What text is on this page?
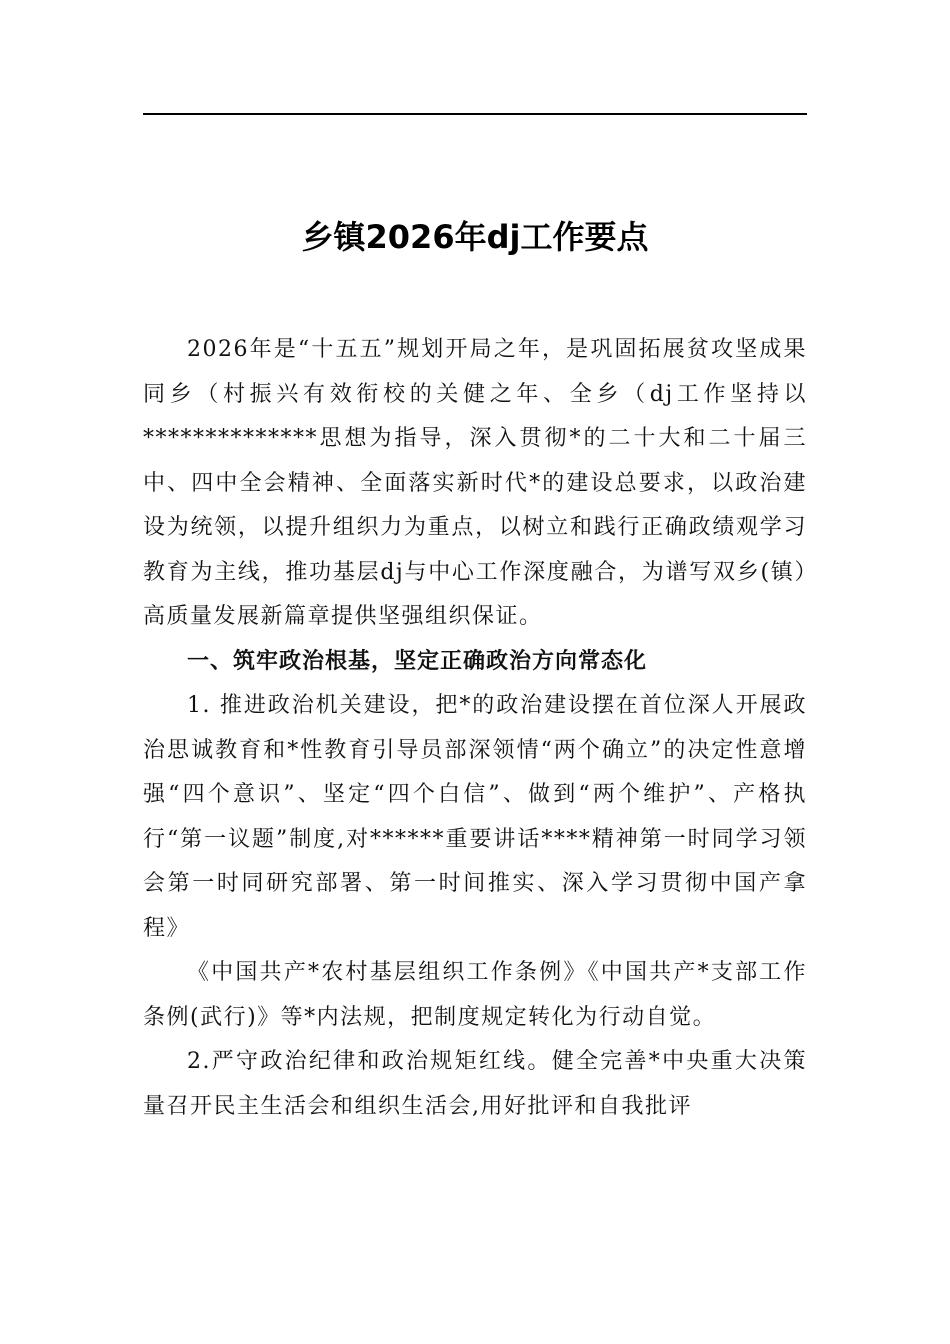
乡镇2026年dj工作要点

2026年是“十五五”规划开局之年，是巩固拓展贫攻坚成果同乡（村振兴有效衔校的关健之年、全乡（dj工作坚持以**************思想为指导，深入贯彻*的二十大和二十届三中、四中全会精神、全面落实新时代*的建设总要求，以政治建设为统领，以提升组织力为重点，以树立和践行正确政绩观学习教育为主线，推功基层dj与中心工作深度融合，为谱写双乡(镇）高质量发展新篇章提供坚强组织保证。

一、筑牢政治根基，坚定正确政治方向常态化

1. 推进政治机关建设，把*的政治建设摆在首位深人开展政治思诚教育和*性教育引导员部深领情“两个确立”的决定性意增强“四个意识”、坚定“四个白信”、做到“两个维护”、产格执行“第一议题”制度,对******重要讲话****精神第一时同学习领会第一时同研究部署、第一时间推实、深入学习贯彻中国产拿程》

《中国共产*农村基层组织工作条例》《中国共产*支部工作条例(武行)》等*内法规，把制度规定转化为行动自觉。

2.严守政治纪律和政治规矩红线。健全完善*中央重大决策量召开民主生活会和组织生活会,用好批评和自我批评
